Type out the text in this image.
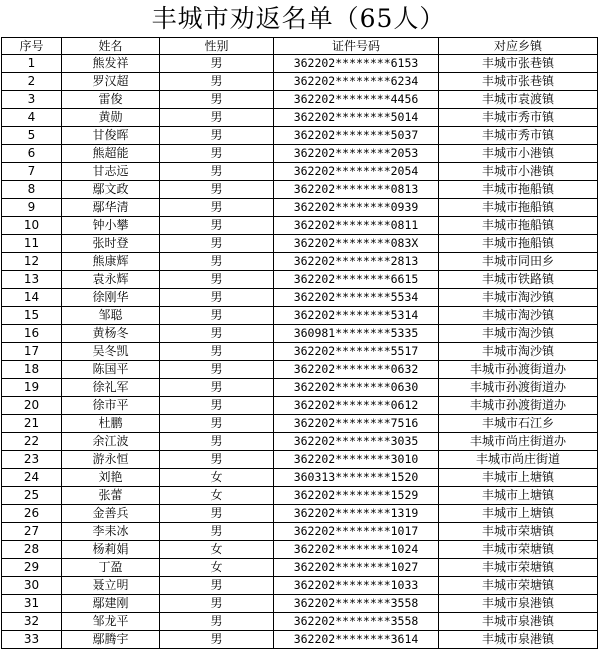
丰城市劝返名单（65人）
序号	姓名	性别	证件号码	对应乡镇
1	熊发祥	男	362202********6153	丰城市张巷镇
2	罗汉超	男	362202********6234	丰城市张巷镇
3	雷俊	男	362202********4456	丰城市袁渡镇
4	黄勋	男	362202********5014	丰城市秀市镇
5	甘俊晖	男	362202********5037	丰城市秀市镇
6	熊超能	男	362202********2053	丰城市小港镇
7	甘志远	男	362202********2054	丰城市小港镇
8	鄢文政	男	362202********0813	丰城市拖船镇
9	鄢华清	男	362202********0939	丰城市拖船镇
10	钟小攀	男	362202********0811	丰城市拖船镇
11	张时登	男	362202********083X	丰城市拖船镇
12	熊康辉	男	362202********2813	丰城市同田乡
13	袁永辉	男	362202********6615	丰城市铁路镇
14	徐刚华	男	362202********5534	丰城市淘沙镇
15	邹聪	男	362202********5314	丰城市淘沙镇
16	黄杨冬	男	360981********5335	丰城市淘沙镇
17	吴冬凯	男	362202********5517	丰城市淘沙镇
18	陈国平	男	362202********0632	丰城市孙渡街道办
19	徐礼军	男	362202********0630	丰城市孙渡街道办
20	徐市平	男	362202********0612	丰城市孙渡街道办
21	杜鹏	男	362202********7516	丰城市石江乡
22	余江波	男	362202********3035	丰城市尚庄街道办
23	游永恒	男	362202********3010	丰城市尚庄街道
24	刘艳	女	360313********1520	丰城市上塘镇
25	张蕾	女	362202********1529	丰城市上塘镇
26	金善兵	男	362202********1319	丰城市上塘镇
27	李耒冰	男	362202********1017	丰城市荣塘镇
28	杨莉娟	女	362202********1024	丰城市荣塘镇
29	丁盈	女	362202********1027	丰城市荣塘镇
30	聂立明	男	362202********1033	丰城市荣塘镇
31	鄢建刚	男	362202********3558	丰城市泉港镇
32	邹龙平	男	362202********3558	丰城市泉港镇
33	鄢腾宇	男	362202********3614	丰城市泉港镇
